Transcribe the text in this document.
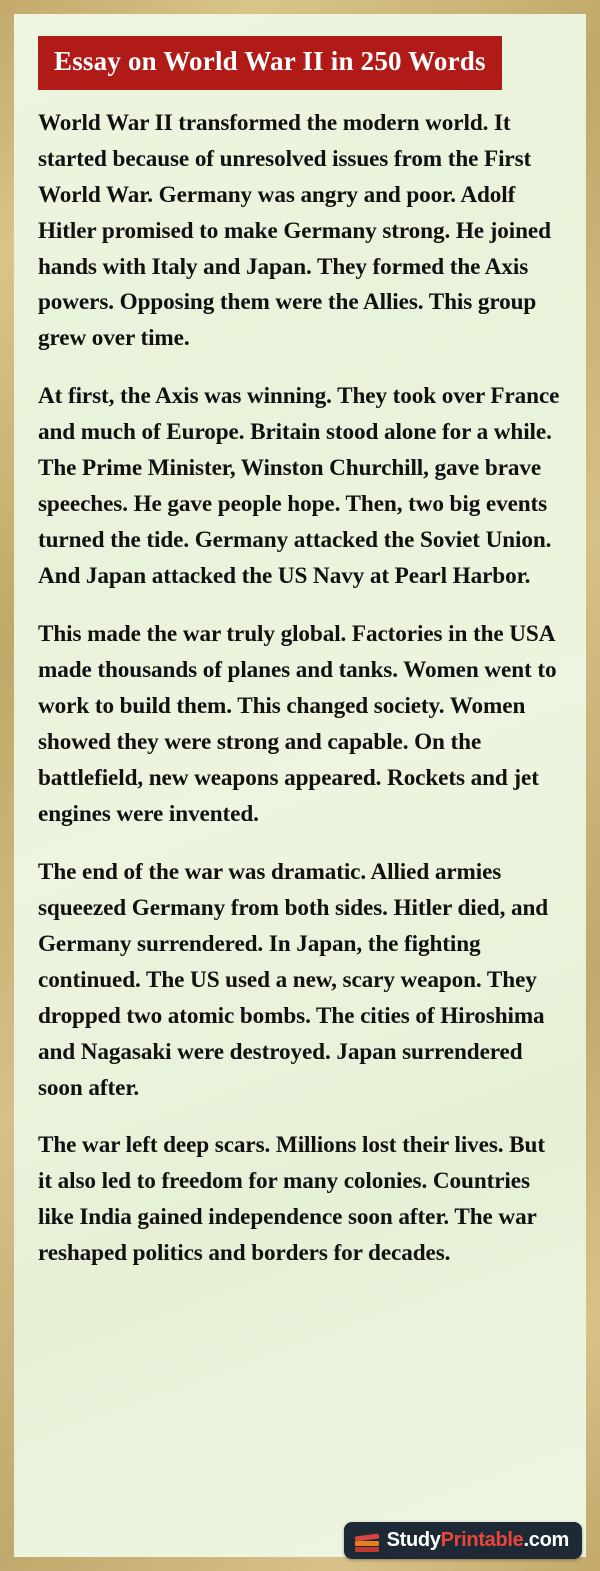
Essay on World War II in 250 Words

World War II transformed the modern world. It started because of unresolved issues from the First World War. Germany was angry and poor. Adolf Hitler promised to make Germany strong. He joined hands with Italy and Japan. They formed the Axis powers. Opposing them were the Allies. This group grew over time.

At first, the Axis was winning. They took over France and much of Europe. Britain stood alone for a while. The Prime Minister, Winston Churchill, gave brave speeches. He gave people hope. Then, two big events turned the tide. Germany attacked the Soviet Union. And Japan attacked the US Navy at Pearl Harbor.

This made the war truly global. Factories in the USA made thousands of planes and tanks. Women went to work to build them. This changed society. Women showed they were strong and capable. On the battlefield, new weapons appeared. Rockets and jet engines were invented.

The end of the war was dramatic. Allied armies squeezed Germany from both sides. Hitler died, and Germany surrendered. In Japan, the fighting continued. The US used a new, scary weapon. They dropped two atomic bombs. The cities of Hiroshima and Nagasaki were destroyed. Japan surrendered soon after.

The war left deep scars. Millions lost their lives. But it also led to freedom for many colonies. Countries like India gained independence soon after. The war reshaped politics and borders for decades.

StudyPrintable.com
